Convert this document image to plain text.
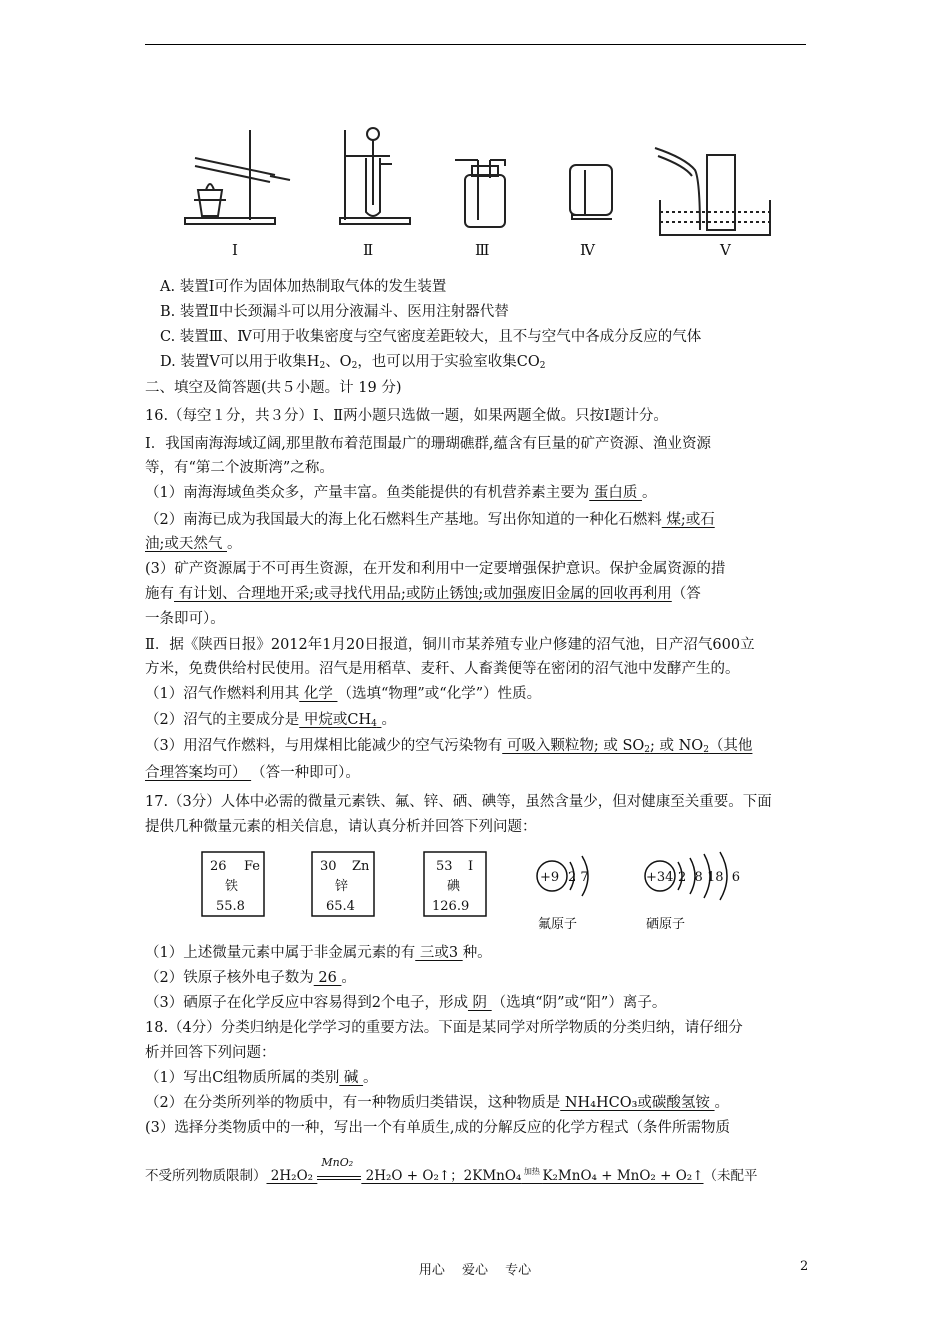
Ⅰ	Ⅱ	Ⅲ	Ⅳ	Ⅴ
A. 装置Ⅰ可作为固体加热制取气体的发生装置
B. 装置Ⅱ中长颈漏斗可以用分液漏斗、医用注射器代替
C. 装置Ⅲ、Ⅳ可用于收集密度与空气密度差距较大，且不与空气中各成分反应的气体
D. 装置Ⅴ可以用于收集$H_2$、$O_2$，也可以用于实验室收集$CO_2$
二、填空及简答题(共５小题。计 19 分)
16.（每空１分，共３分）Ⅰ、Ⅱ两小题只选做一题，如果两题全做。只按Ⅰ题计分。
I．我国南海海域辽阔,那里散布着范围最广的珊瑚礁群,蕴含有巨量的矿产资源、渔业资源
等，有“第二个波斯湾”之称。
（1）南海海域鱼类众多，产量丰富。鱼类能提供的有机营养素主要为 蛋白质 。
（2）南海已成为我国最大的海上化石燃料生产基地。写出你知道的一种化石燃料 煤;或石
油;或天然气 。
(3）矿产资源属于不可再生资源，在开发和利用中一定要增强保护意识。保护金属资源的措
施有 有计划、合理地开采;或寻找代用品;或防止锈蚀;或加强废旧金属的回收再利用（答
一条即可）。
Ⅱ．据《陕西日报》2012年1月20日报道，铜川市某养殖专业户修建的沼气池，日产沼气600立
方米，免费供给村民使用。沼气是用稻草、麦秆、人畜粪便等在密闭的沼气池中发酵产生的。
（1）沼气作燃料利用其 化学 （选填“物理”或“化学”）性质。
（2）沼气的主要成分是 甲烷或$CH_4$ 。
（3）用沼气作燃料，与用煤相比能减少的空气污染物有 可吸入颗粒物; 或 $SO_2$; 或 $NO_2$（其他
合理答案均可） （答一种即可）。
17.（3分）人体中必需的微量元素铁、氟、锌、硒、碘等，虽然含量少，但对健康至关重要。下面
提供几种微量元素的相关信息，请认真分析并回答下列问题：
26 Fe
铁
55.8
30 Zn
锌
65.4
53 I
碘
126.9
+9 2 7
氟原子
+34 2  8 18  6
硒原子
（1）上述微量元素中属于非金属元素的有 三或3 种。
（2）铁原子核外电子数为 26 。
（3）硒原子在化学反应中容易得到2个电子，形成 阴 （选填“阴”或“阳”）离子。
18.（4分）分类归纳是化学学习的重要方法。下面是某同学对所学物质的分类归纳，请仔细分
析并回答下列问题：
（1）写出C组物质所属的类别 碱 。
（2）在分类所列举的物质中，有一种物质归类错误，这种物质是 NH₄HCO₃或碳酸氢铵 。
(3）选择分类物质中的一种，写出一个有单质生,成的分解反应的化学方程式（条件所需物质
不受所列物质限制） 2H₂O₂
MnO₂
2H₂O + O₂↑；2KMnO₄ $^{加热}$ K₂MnO₄ + MnO₂ + O₂↑（未配平
用心　 爱心　 专心	2
